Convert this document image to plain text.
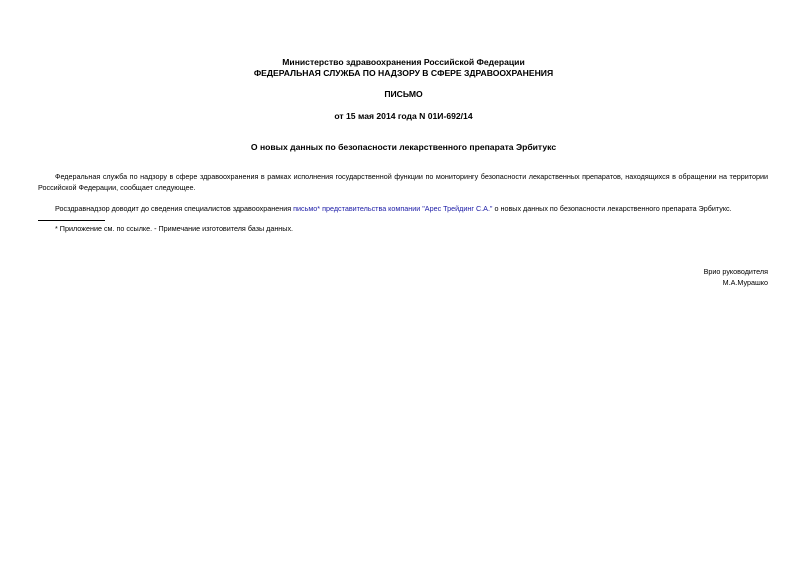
Министерство здравоохранения Российской Федерации
ФЕДЕРАЛЬНАЯ СЛУЖБА ПО НАДЗОРУ В СФЕРЕ ЗДРАВООХРАНЕНИЯ
ПИСЬМО
от 15 мая 2014 года N 01И-692/14
О новых данных по безопасности лекарственного препарата Эрбитукс
Федеральная служба по надзору в сфере здравоохранения в рамках исполнения государственной функции по мониторингу безопасности лекарственных препаратов, находящихся в обращении на территории Российской Федерации, сообщает следующее.
Росздравнадзор доводит до сведения специалистов здравоохранения письмо* представительства компании "Арес Трейдинг С.А." о новых данных по безопасности лекарственного препарата Эрбитукс.
* Приложение см. по ссылке. - Примечание изготовителя базы данных.
Врио руководителя
М.А.Мурашко
